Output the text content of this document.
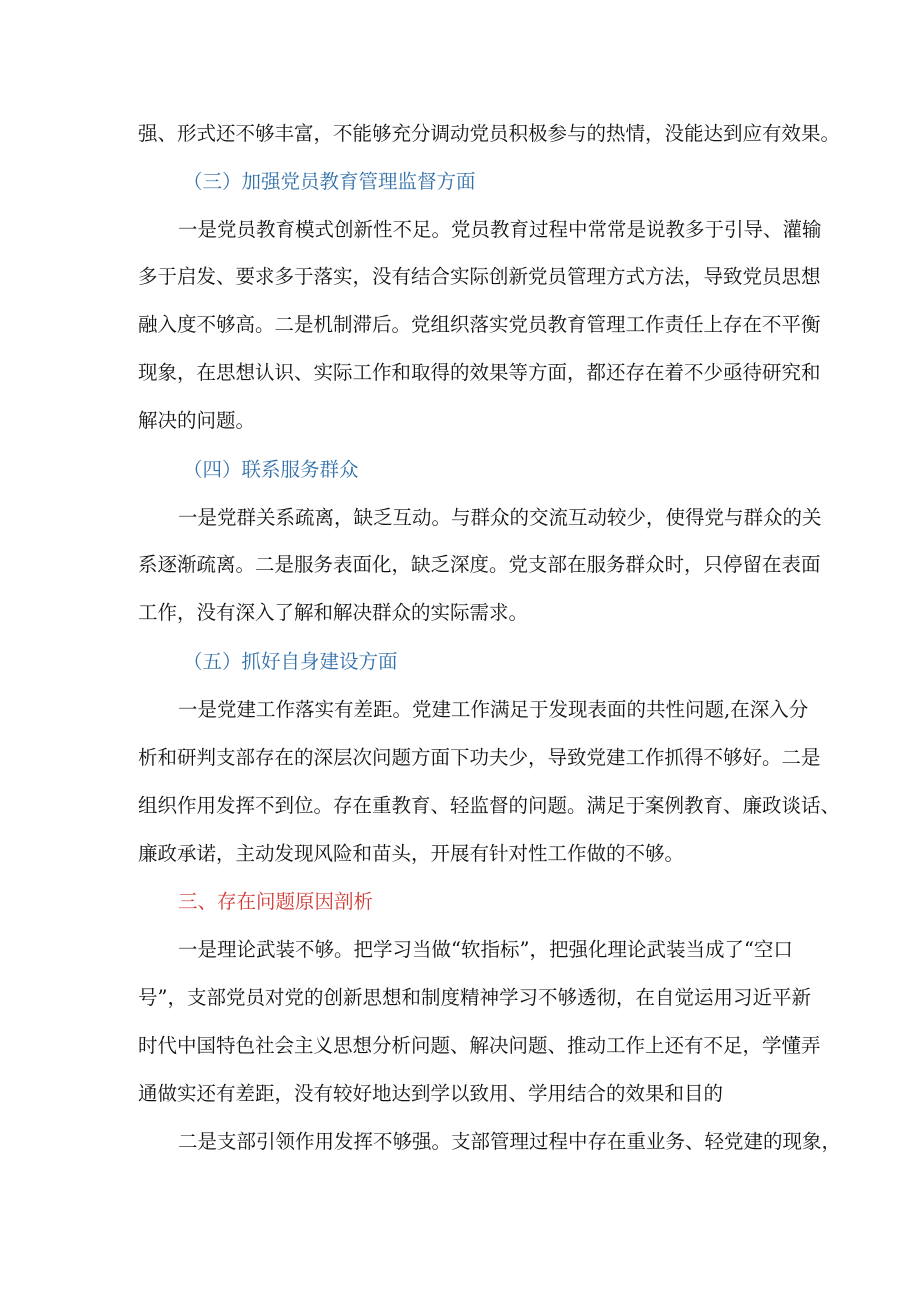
强、形式还不够丰富，不能够充分调动党员积极参与的热情，没能达到应有效果。

（三）加强党员教育管理监督方面

一是党员教育模式创新性不足。党员教育过程中常常是说教多于引导、灌输

多于启发、要求多于落实，没有结合实际创新党员管理方式方法，导致党员思想

融入度不够高。二是机制滞后。党组织落实党员教育管理工作责任上存在不平衡

现象，在思想认识、实际工作和取得的效果等方面，都还存在着不少亟待研究和

解决的问题。

（四）联系服务群众

一是党群关系疏离，缺乏互动。与群众的交流互动较少，使得党与群众的关

系逐渐疏离。二是服务表面化，缺乏深度。党支部在服务群众时，只停留在表面

工作，没有深入了解和解决群众的实际需求。

（五）抓好自身建设方面

一是党建工作落实有差距。党建工作满足于发现表面的共性问题,在深入分

析和研判支部存在的深层次问题方面下功夫少，导致党建工作抓得不够好。二是

组织作用发挥不到位。存在重教育、轻监督的问题。满足于案例教育、廉政谈话、

廉政承诺，主动发现风险和苗头，开展有针对性工作做的不够。

三、存在问题原因剖析

一是理论武装不够。把学习当做“软指标”，把强化理论武装当成了“空口

号”，支部党员对党的创新思想和制度精神学习不够透彻，在自觉运用习近平新

时代中国特色社会主义思想分析问题、解决问题、推动工作上还有不足，学懂弄

通做实还有差距，没有较好地达到学以致用、学用结合的效果和目的

二是支部引领作用发挥不够强。支部管理过程中存在重业务、轻党建的现象，
